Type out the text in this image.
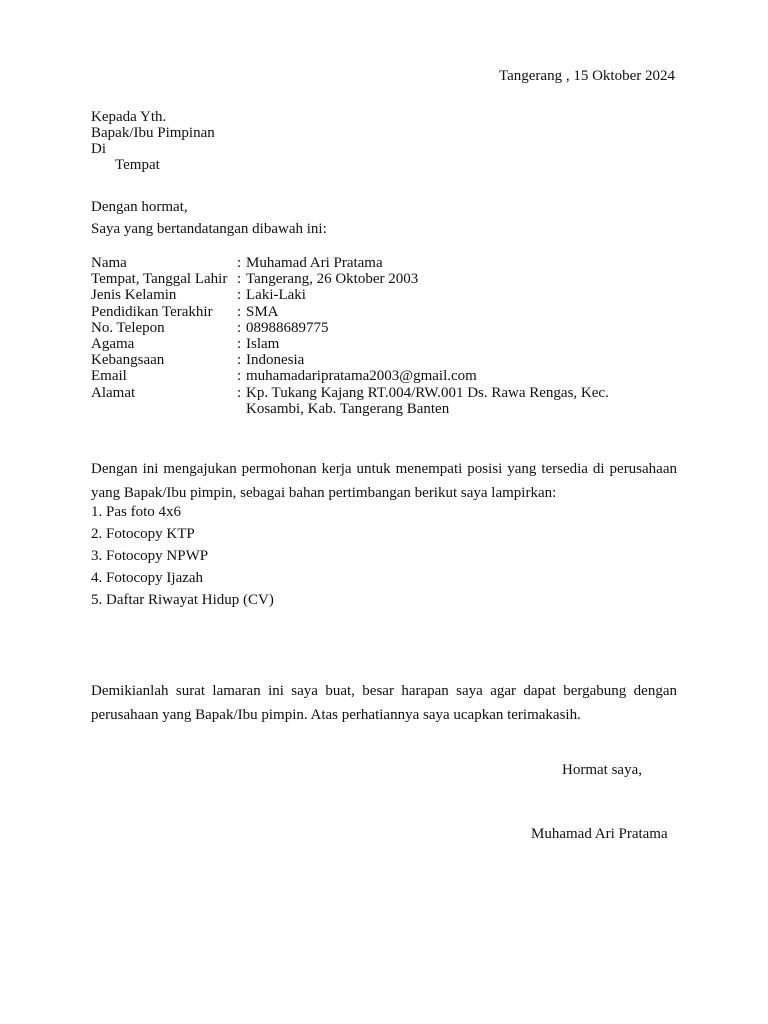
Tangerang , 15 Oktober 2024
Kepada Yth.
Bapak/Ibu Pimpinan
Di
Tempat
Dengan hormat,
Saya yang bertandatangan dibawah ini:
Nama	: Muhamad Ari Pratama
Tempat, Tanggal Lahir : Tangerang, 26 Oktober 2003
Jenis Kelamin	: Laki-Laki
Pendidikan Terakhir	: SMA
No. Telepon	: 08988689775
Agama	: Islam
Kebangsaan	: Indonesia
Email	: muhamadaripratama2003@gmail.com
Alamat	: Kp. Tukang Kajang RT.004/RW.001 Ds. Rawa Rengas, Kec. Kosambi, Kab. Tangerang Banten
Dengan ini mengajukan permohonan kerja untuk menempati posisi yang tersedia di perusahaan yang Bapak/Ibu pimpin, sebagai bahan pertimbangan berikut saya lampirkan:
1. Pas foto 4x6
2. Fotocopy KTP
3. Fotocopy NPWP
4. Fotocopy Ijazah
5. Daftar Riwayat Hidup (CV)
Demikianlah surat lamaran ini saya buat, besar harapan saya agar dapat bergabung dengan perusahaan yang Bapak/Ibu pimpin. Atas perhatiannya saya ucapkan terimakasih.
Hormat saya,
Muhamad Ari Pratama
